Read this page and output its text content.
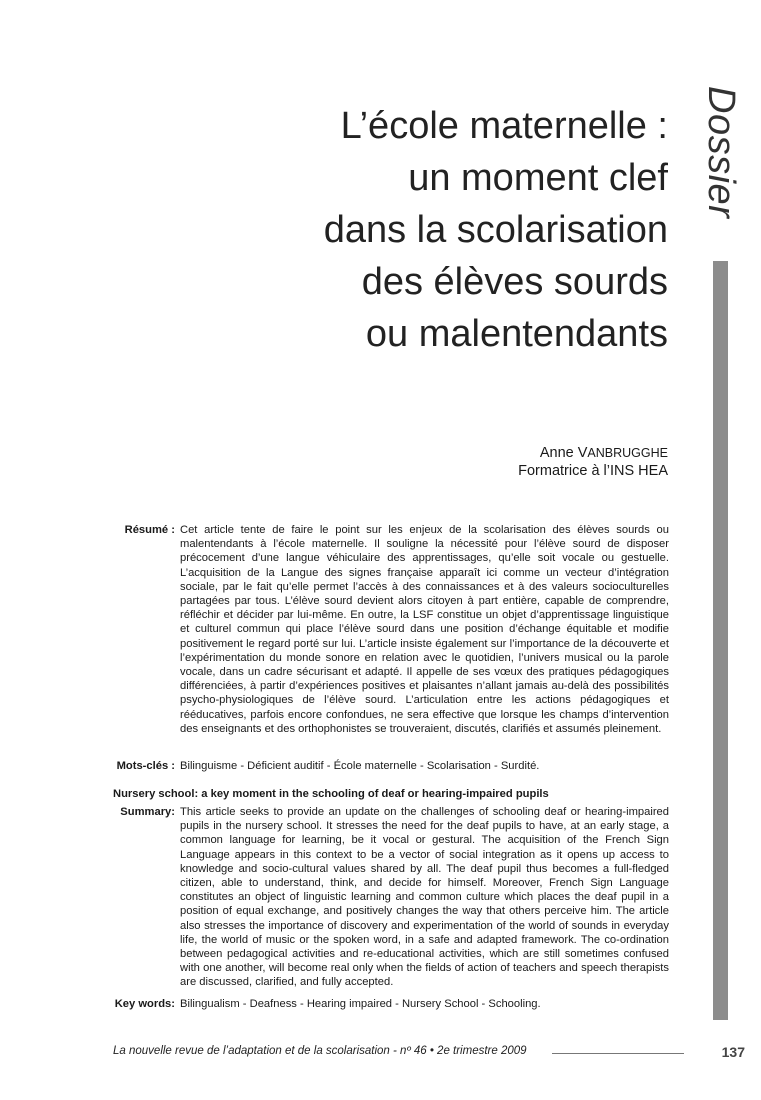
Dossier
L’école maternelle :
un moment clef
dans la scolarisation
des élèves sourds
ou malentendants
Anne VANBRUGGHE
Formatrice à l’INS HEA
Résumé : Cet article tente de faire le point sur les enjeux de la scolarisation des élèves sourds ou malentendants à l’école maternelle. Il souligne la nécessité pour l’élève sourd de disposer précocement d’une langue véhiculaire des apprentissages, qu’elle soit vocale ou gestuelle. L’acquisition de la Langue des signes française apparaît ici comme un vecteur d’intégration sociale, par le fait qu’elle permet l’accès à des connaissances et à des valeurs socioculturelles partagées par tous. L’élève sourd devient alors citoyen à part entière, capable de comprendre, réfléchir et décider par lui-même. En outre, la LSF constitue un objet d’apprentissage linguistique et culturel commun qui place l’élève sourd dans une position d’échange équitable et modifie positivement le regard porté sur lui. L’article insiste également sur l’importance de la découverte et l’expérimentation du monde sonore en relation avec le quotidien, l’univers musical ou la parole vocale, dans un cadre sécurisant et adapté. Il appelle de ses vœux des pratiques pédagogiques différenciées, à partir d’expériences positives et plaisantes n’allant jamais au-delà des possibilités psycho-physiologiques de l’élève sourd. L’articulation entre les actions pédagogiques et rééducatives, parfois encore confondues, ne sera effective que lorsque les champs d’intervention des enseignants et des orthophonistes se trouveraient, discutés, clarifiés et assumés pleinement.
Mots-clés : Bilinguisme - Déficient auditif - École maternelle - Scolarisation - Surdité.
Nursery school: a key moment in the schooling of deaf or hearing-impaired pupils
Summary: This article seeks to provide an update on the challenges of schooling deaf or hearing-impaired pupils in the nursery school. It stresses the need for the deaf pupils to have, at an early stage, a common language for learning, be it vocal or gestural. The acquisition of the French Sign Language appears in this context to be a vector of social integration as it opens up access to knowledge and socio-cultural values shared by all. The deaf pupil thus becomes a full-fledged citizen, able to understand, think, and decide for himself. Moreover, French Sign Language constitutes an object of linguistic learning and common culture which places the deaf pupil in a position of equal exchange, and positively changes the way that others perceive him. The article also stresses the importance of discovery and experimentation of the world of sounds in everyday life, the world of music or the spoken word, in a safe and adapted framework. The co-ordination between pedagogical activities and re-educational activities, which are still sometimes confused with one another, will become real only when the fields of action of teachers and speech therapists are discussed, clarified, and fully accepted.
Key words: Bilingualism - Deafness - Hearing impaired - Nursery School - Schooling.
La nouvelle revue de l’adaptation et de la scolarisation - nº 46 • 2e trimestre 2009	137
